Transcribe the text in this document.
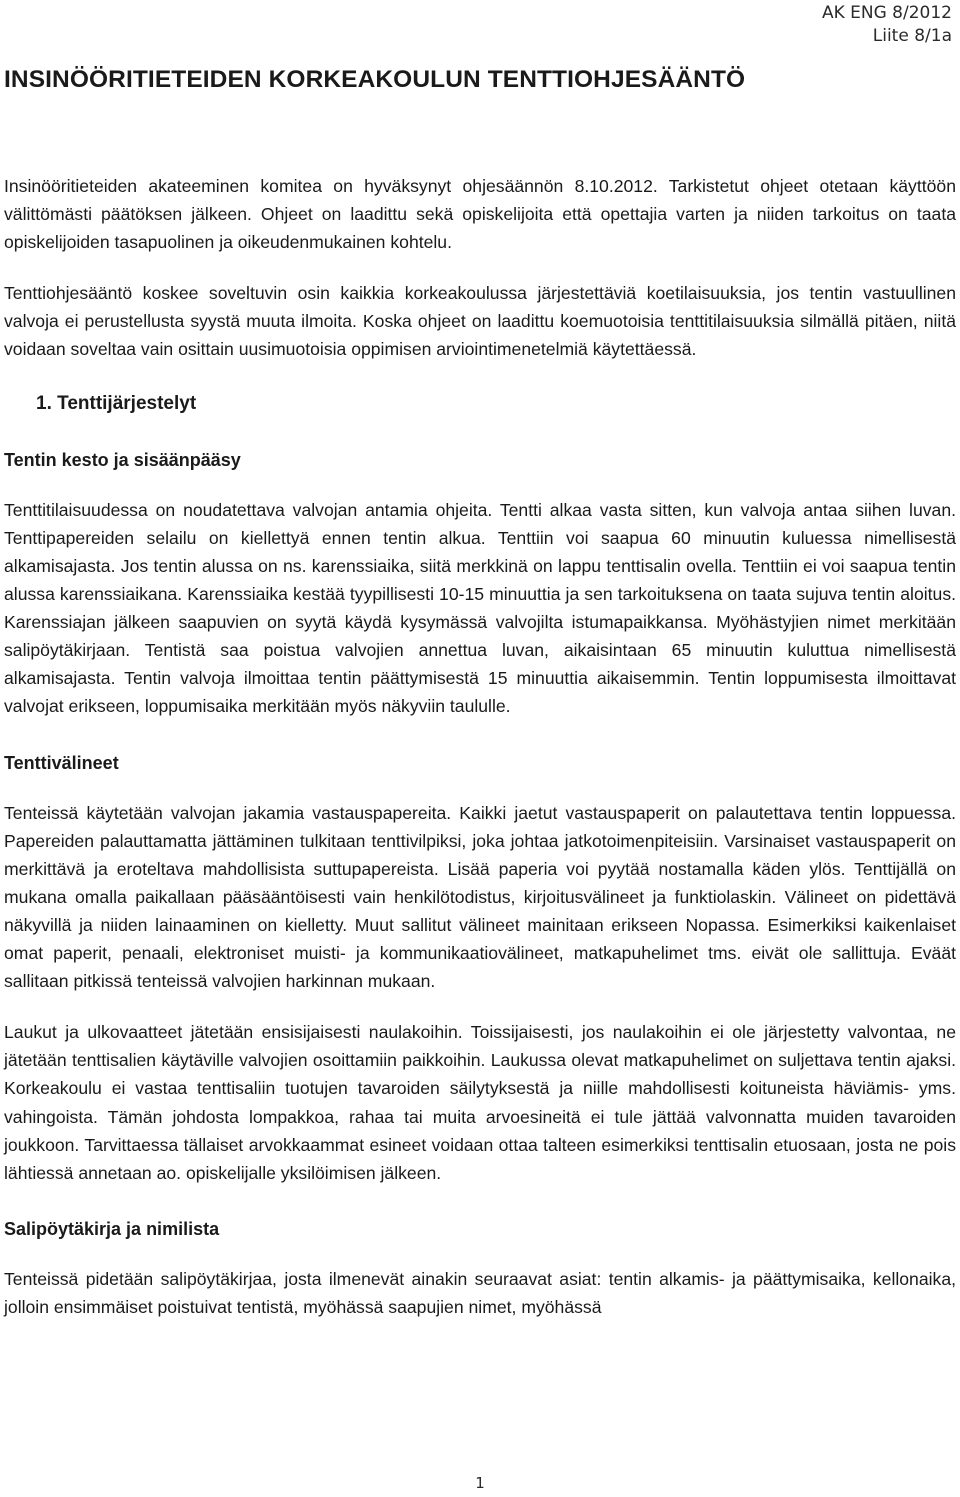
AK ENG 8/2012
Liite 8/1a
INSINÖÖRITIETEIDEN KORKEAKOULUN TENTTIOHJESÄÄNTÖ

Insinööritieteiden akateeminen komitea on hyväksynyt ohjesäännön 8.10.2012. Tarkistetut ohjeet otetaan käyttöön välittömästi päätöksen jälkeen. Ohjeet on laadittu sekä opiskelijoita että opettajia varten ja niiden tarkoitus on taata opiskelijoiden tasapuolinen ja oikeudenmukainen kohtelu.

Tenttiohjesääntö koskee soveltuvin osin kaikkia korkeakoulussa järjestettäviä koetilaisuuksia, jos tentin vastuullinen valvoja ei perustellusta syystä muuta ilmoita. Koska ohjeet on laadittu koemuotoisia tenttitilaisuuksia silmällä pitäen, niitä voidaan soveltaa vain osittain uusimuotoisia oppimisen arviointimenetelmiä käytettäessä.

1. Tenttijärjestelyt
Tentin kesto ja sisäänpääsy

Tenttitilaisuudessa on noudatettava valvojan antamia ohjeita. Tentti alkaa vasta sitten, kun valvoja antaa siihen luvan. Tenttipapereiden selailu on kiellettyä ennen tentin alkua. Tenttiin voi saapua 60 minuutin kuluessa nimellisestä alkamisajasta. Jos tentin alussa on ns. karenssiaika, siitä merkkinä on lappu tenttisalin ovella. Tenttiin ei voi saapua tentin alussa karenssiaikana. Karenssiaika kestää tyypillisesti 10-15 minuuttia ja sen tarkoituksena on taata sujuva tentin aloitus. Karenssiajan jälkeen saapuvien on syytä käydä kysymässä valvojilta istumapaikkansa. Myöhästyjien nimet merkitään salipöytäkirjaan. Tentistä saa poistua valvojien annettua luvan, aikaisintaan 65 minuutin kuluttua nimellisestä alkamisajasta. Tentin valvoja ilmoittaa tentin päättymisestä 15 minuuttia aikaisemmin. Tentin loppumisesta ilmoittavat valvojat erikseen, loppumisaika merkitään myös näkyviin taululle.

Tenttivälineet

Tenteissä käytetään valvojan jakamia vastauspapereita. Kaikki jaetut vastauspaperit on palautettava tentin loppuessa. Papereiden palauttamatta jättäminen tulkitaan tenttivilpiksi, joka johtaa jatkotoimenpiteisiin. Varsinaiset vastauspaperit on merkittävä ja eroteltava mahdollisista suttupapereista. Lisää paperia voi pyytää nostamalla käden ylös. Tenttijällä on mukana omalla paikallaan pääsääntöisesti vain henkilötodistus, kirjoitusvälineet ja funktiolaskin. Välineet on pidettävä näkyvillä ja niiden lainaaminen on kielletty. Muut sallitut välineet mainitaan erikseen Nopassa. Esimerkiksi kaikenlaiset omat paperit, penaali, elektroniset muisti- ja kommunikaatiovälineet, matkapuhelimet tms. eivät ole sallittuja. Eväät sallitaan pitkissä tenteissä valvojien harkinnan mukaan.

Laukut ja ulkovaatteet jätetään ensisijaisesti naulakoihin. Toissijaisesti, jos naulakoihin ei ole järjestetty valvontaa, ne jätetään tenttisalien käytäville valvojien osoittamiin paikkoihin. Laukussa olevat matkapuhelimet on suljettava tentin ajaksi. Korkeakoulu ei vastaa tenttisaliin tuotujen tavaroiden säilytyksestä ja niille mahdollisesti koituneista häviämis- yms. vahingoista. Tämän johdosta lompakkoa, rahaa tai muita arvoesineitä ei tule jättää valvonnatta muiden tavaroiden joukkoon. Tarvittaessa tällaiset arvokkaammat esineet voidaan ottaa talteen esimerkiksi tenttisalin etuosaan, josta ne pois lähtiessä annetaan ao. opiskelijalle yksilöimisen jälkeen.

Salipöytäkirja ja nimilista

Tenteissä pidetään salipöytäkirjaa, josta ilmenevät ainakin seuraavat asiat: tentin alkamis- ja päättymisaika, kellonaika, jolloin ensimmäiset poistuivat tentistä, myöhässä saapujien nimet, myöhässä

1
